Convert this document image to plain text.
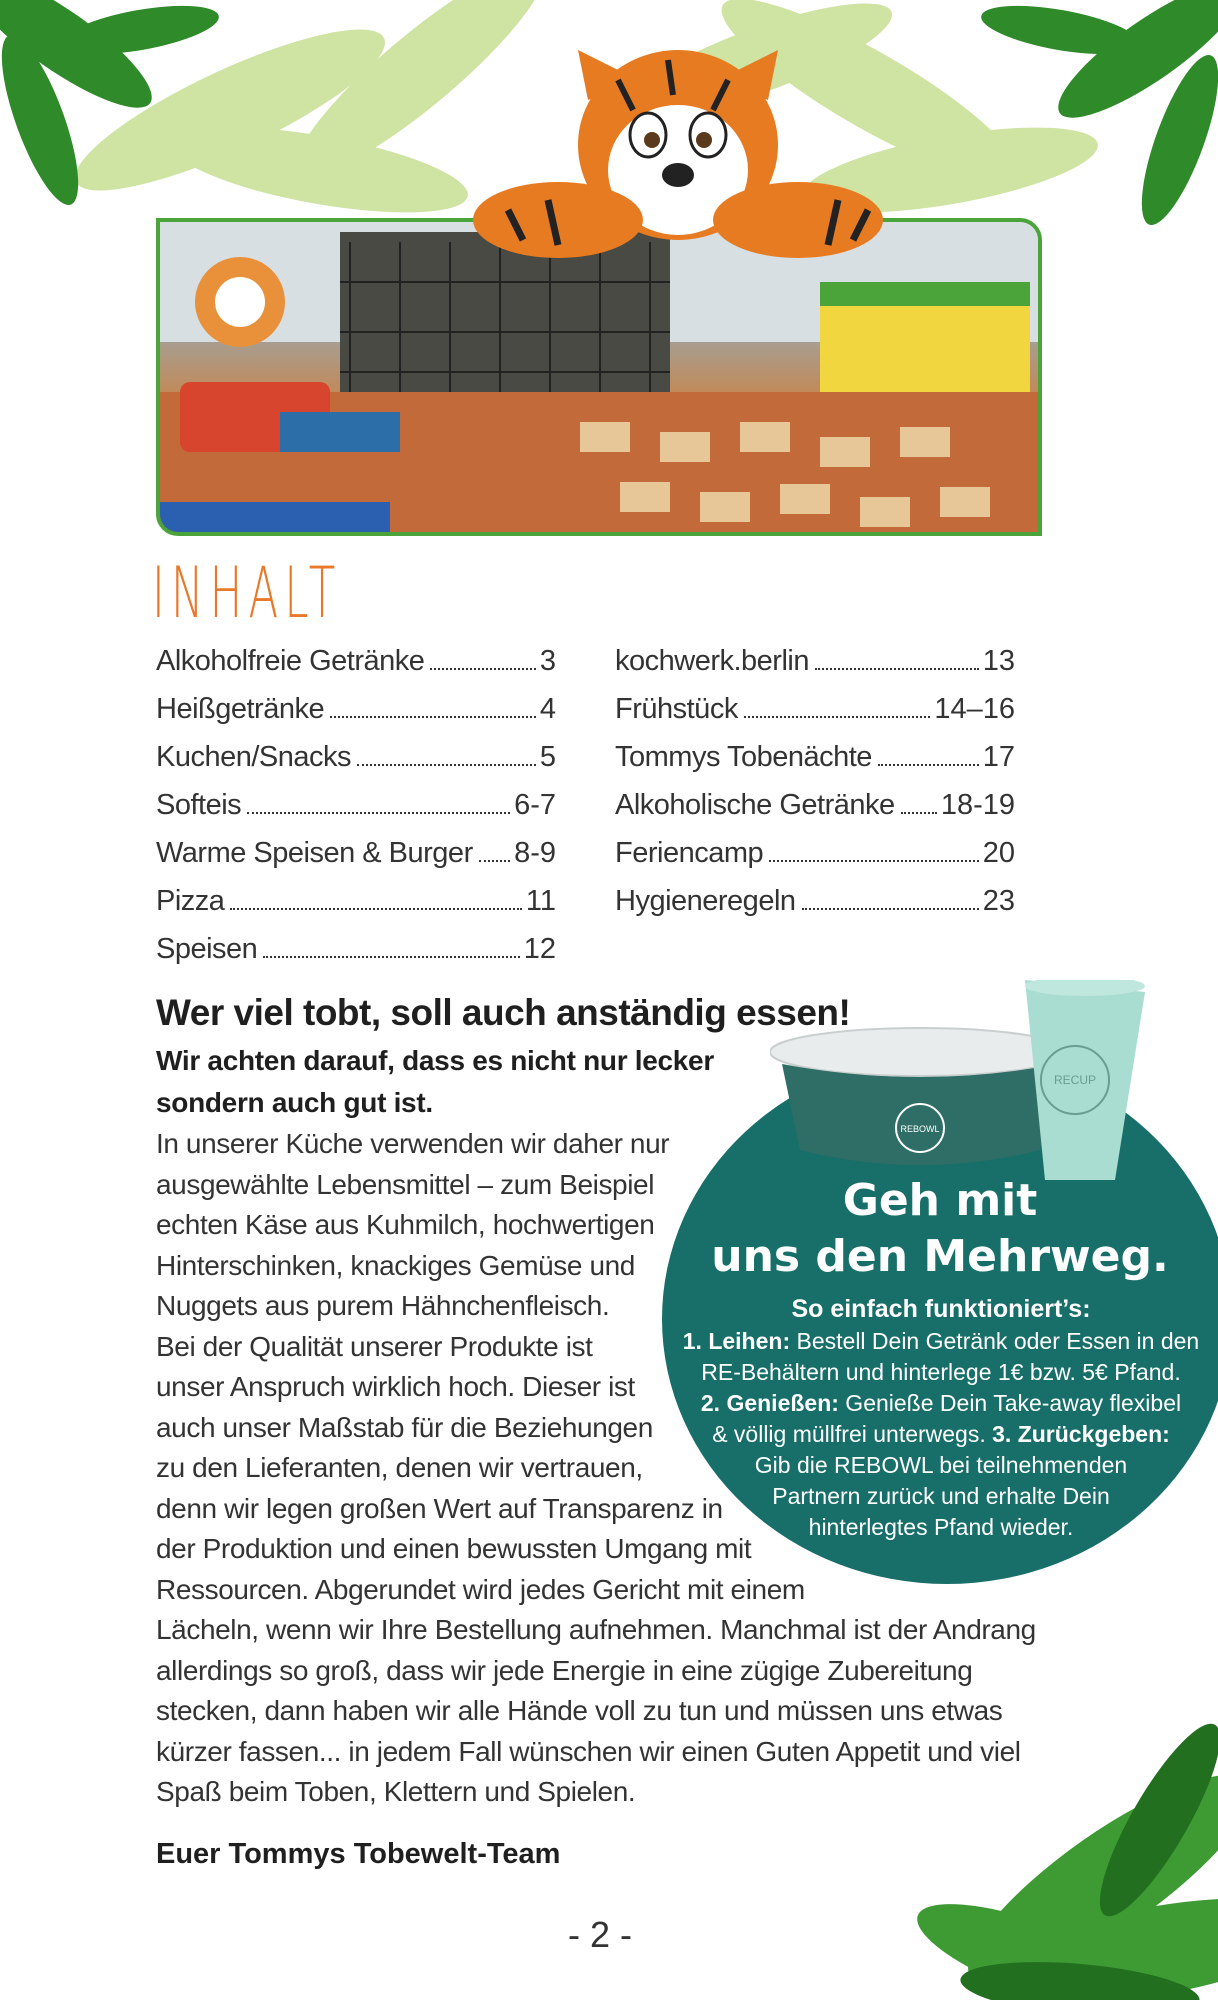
INHALT
Alkoholfreie Getränke	3
Heißgetränke	4
Kuchen/Snacks	5
Softeis	6-7
Warme Speisen & Burger 8-9
Pizza	11
Speisen	12
kochwerk.berlin	13
Frühstück	14–16
Tommys Tobenächte	17
Alkoholische Getränke 18-19
Feriencamp	20
Hygieneregeln	23
Wer viel tobt, soll auch anständig essen!
Wir achten darauf, dass es nicht nur lecker
sondern auch gut ist.
In unserer Küche verwenden wir daher nur
ausgewählte Lebensmittel – zum Beispiel
echten Käse aus Kuhmilch, hochwertigen
Hinterschinken, knackiges Gemüse und
Nuggets aus purem Hähnchenfleisch.
Bei der Qualität unserer Produkte ist
unser Anspruch wirklich hoch. Dieser ist
auch unser Maßstab für die Beziehungen
zu den Lieferanten, denen wir vertrauen,
denn wir legen großen Wert auf Transparenz in
der Produktion und einen bewussten Umgang mit
Ressourcen. Abgerundet wird jedes Gericht mit einem
Lächeln, wenn wir Ihre Bestellung aufnehmen. Manchmal ist der Andrang
allerdings so groß, dass wir jede Energie in eine zügige Zubereitung
stecken, dann haben wir alle Hände voll zu tun und müssen uns etwas
kürzer fassen... in jedem Fall wünschen wir einen Guten Appetit und viel
Spaß beim Toben, Klettern und Spielen.
Euer Tommys Tobewelt-Team
REBOWL
RECUP
Geh mit
uns den Mehrweg.
So einfach funktioniert’s:
1. Leihen: Bestell Dein Getränk oder Essen in den
RE-Behältern und hinterlege 1€ bzw. 5€ Pfand.
2. Genießen: Genieße Dein Take-away flexibel
& völlig müllfrei unterwegs. 3. Zurückgeben:
Gib die REBOWL bei teilnehmenden
Partnern zurück und erhalte Dein
hinterlegtes Pfand wieder.
- 2 -
